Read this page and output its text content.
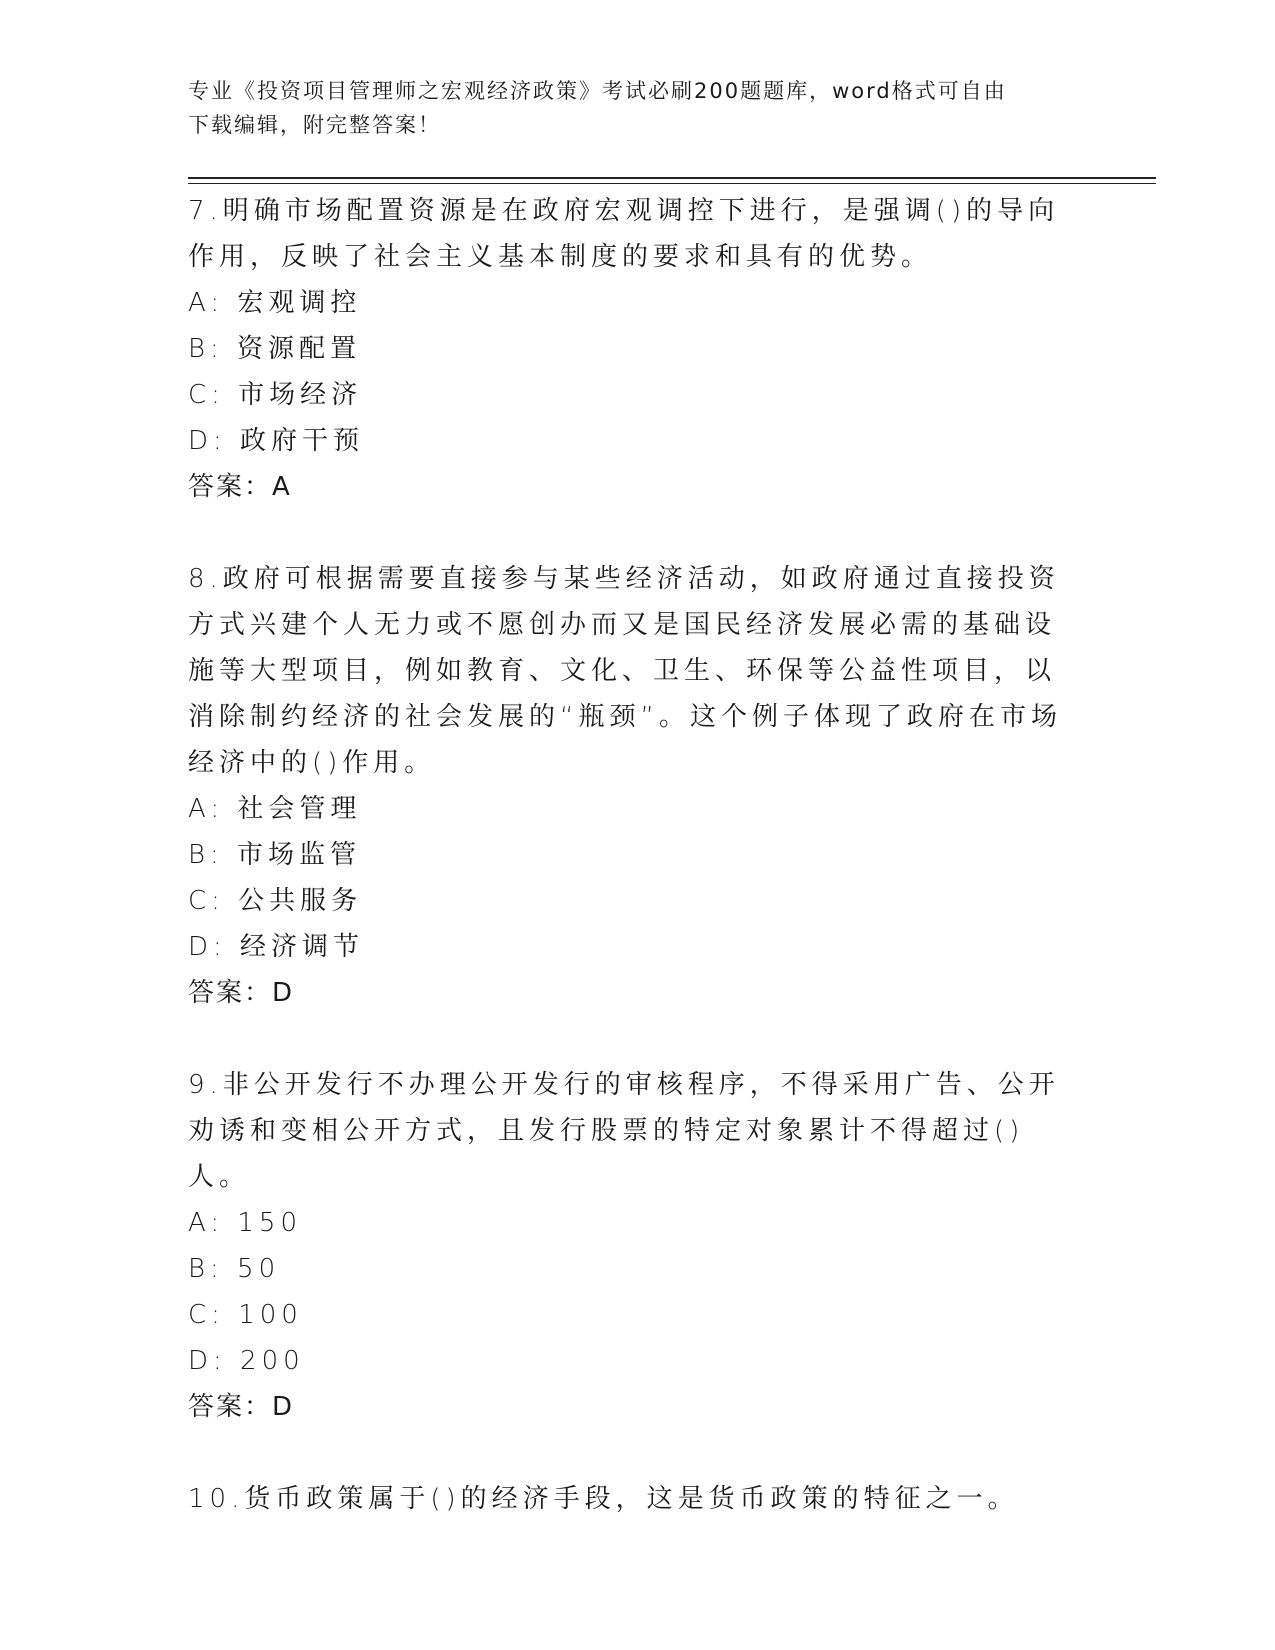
专业《投资项目管理师之宏观经济政策》考试必刷200题题库，word格式可自由
下载编辑，附完整答案！
7.明确市场配置资源是在政府宏观调控下进行，是强调()的导向作用，反映了社会主义基本制度的要求和具有的优势。
A: 宏观调控
B: 资源配置
C: 市场经济
D: 政府干预
答案：A
8.政府可根据需要直接参与某些经济活动，如政府通过直接投资方式兴建个人无力或不愿创办而又是国民经济发展必需的基础设施等大型项目，例如教育、文化、卫生、环保等公益性项目，以消除制约经济的社会发展的“瓶颈”。这个例子体现了政府在市场经济中的()作用。
A: 社会管理
B: 市场监管
C: 公共服务
D: 经济调节
答案：D
9.非公开发行不办理公开发行的审核程序，不得采用广告、公开劝诱和变相公开方式，且发行股票的特定对象累计不得超过()人。
A: 150
B: 50
C: 100
D: 200
答案：D
10.货币政策属于()的经济手段，这是货币政策的特征之一。
